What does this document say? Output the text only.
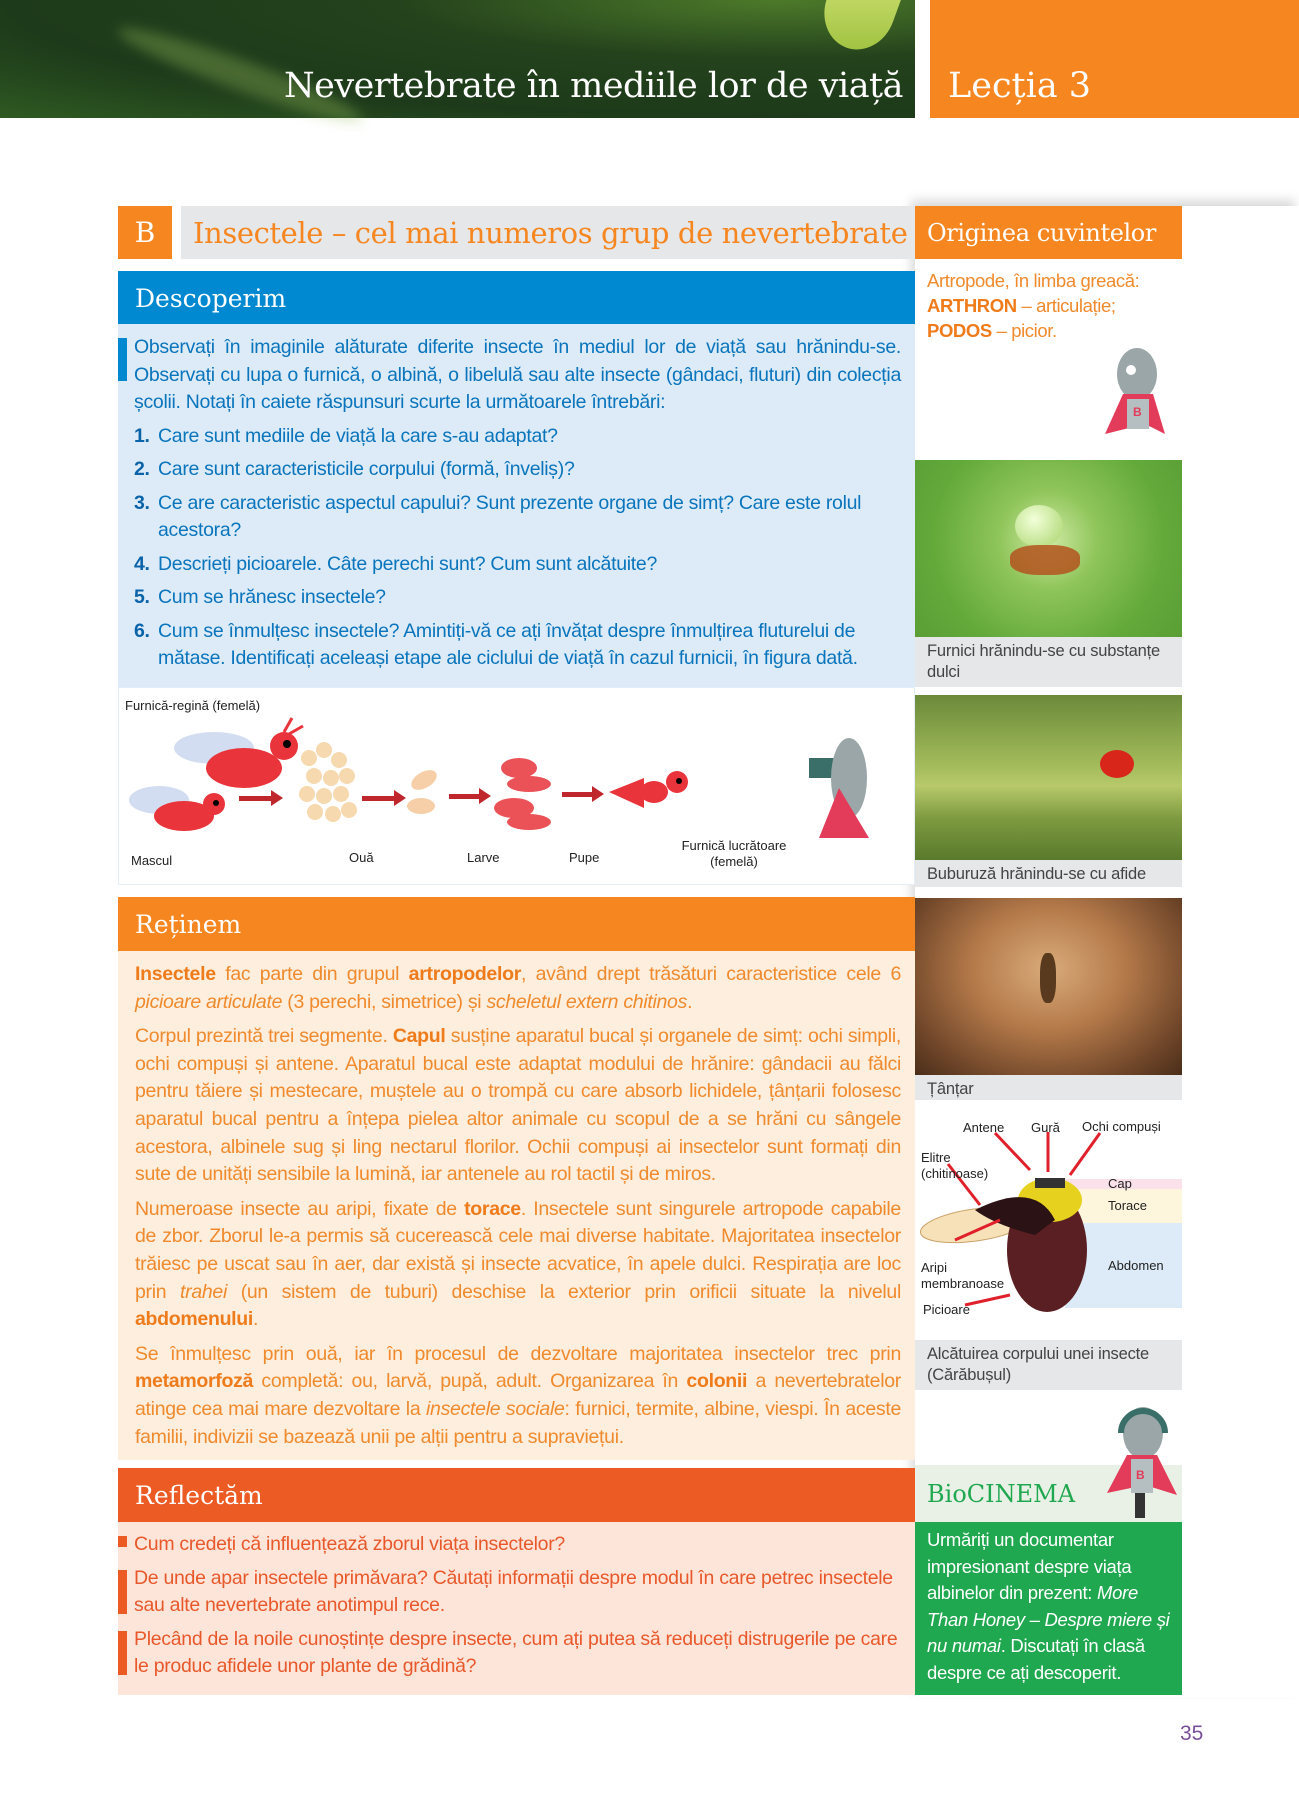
Nevertebrate în mediile lor de viață Lecția 3
B	Insectele – cel mai numeros grup de nevertebrate
Descoperim
Observați în imaginile alăturate diferite insecte în mediul lor de viață sau hrănindu-se. Observați cu lupa o furnică, o albină, o libelulă sau alte insecte (gândaci, fluturi) din colecția școlii. Notați în caiete răspunsuri scurte la următoarele întrebări:
1. Care sunt mediile de viață la care s-au adaptat?
2. Care sunt caracteristicile corpului (formă, înveliș)?
3. Ce are caracteristic aspectul capului? Sunt prezente organe de simț? Care este rolul acestora?
4. Descrieți picioarele. Câte perechi sunt? Cum sunt alcătuite?
5. Cum se hrănesc insectele?
6. Cum se înmulțesc insectele? Amintiți-vă ce ați învățat despre înmulțirea fluturelui de mătase. Identificați aceleași etape ale ciclului de viață în cazul furnicii, în figura dată.
Furnică-regină (femelă)
Mascul	Ouă	Larve	Pupe
Furnică lucrătoare (femelă)
Reținem

Insectele fac parte din grupul artropodelor, având drept trăsături caracteristice cele 6 picioare articulate (3 perechi, simetrice) și scheletul extern chitinos.

Corpul prezintă trei segmente. Capul susține aparatul bucal și organele de simț: ochi simpli, ochi compuși și antene. Aparatul bucal este adaptat modului de hrănire: gândacii au fălci pentru tăiere și mestecare, muștele au o trompă cu care absorb lichidele, țânțarii folosesc aparatul bucal pentru a înțepa pielea altor animale cu scopul de a se hrăni cu sângele acestora, albinele sug și ling nectarul florilor. Ochii compuși ai insectelor sunt formați din sute de unități sensibile la lumină, iar antenele au rol tactil și de miros.

Numeroase insecte au aripi, fixate de torace. Insectele sunt singurele artropode capabile de zbor. Zborul le-a permis să cucerească cele mai diverse habitate. Majoritatea insectelor trăiesc pe uscat sau în aer, dar există și insecte acvatice, în apele dulci. Respirația are loc prin trahei (un sistem de tuburi) deschise la exterior prin orificii situate la nivelul abdomenului.

Se înmulțesc prin ouă, iar în procesul de dezvoltare majoritatea insectelor trec prin metamorfoză completă: ou, larvă, pupă, adult. Organizarea în colonii a nevertebratelor atinge cea mai mare dezvoltare la insectele sociale: furnici, termite, albine, viespi. În aceste familii, indivizii se bazează unii pe alții pentru a supraviețui.

Reflectăm
Cum credeți că influențează zborul viața insectelor?
De unde apar insectele primăvara? Căutați informații despre modul în care petrec insectele sau alte nevertebrate anotimpul rece.
Plecând de la noile cunoștințe despre insecte, cum ați putea să reduceți distrugerile pe care le produc afidele unor plante de grădină?
Originea cuvintelor
Artropode, în limba greacă:
ARTHRON – articulație;
PODOS – picior.
B
Furnici hrănindu-se cu substanțe dulci
Buburuză hrănindu-se cu afide
Țânțar
Antene Gură Ochi compuși
Elitre (chitinoase)
Cap
Torace
Aripi membranoase
Abdomen
Picioare
Alcătuirea corpului unei insecte (Cărăbușul)
BioCINEMA
B
Urmăriți un documentar impresionant despre viața albinelor din prezent: More Than Honey – Despre miere și nu numai. Discutați în clasă despre ce ați descoperit.
35
